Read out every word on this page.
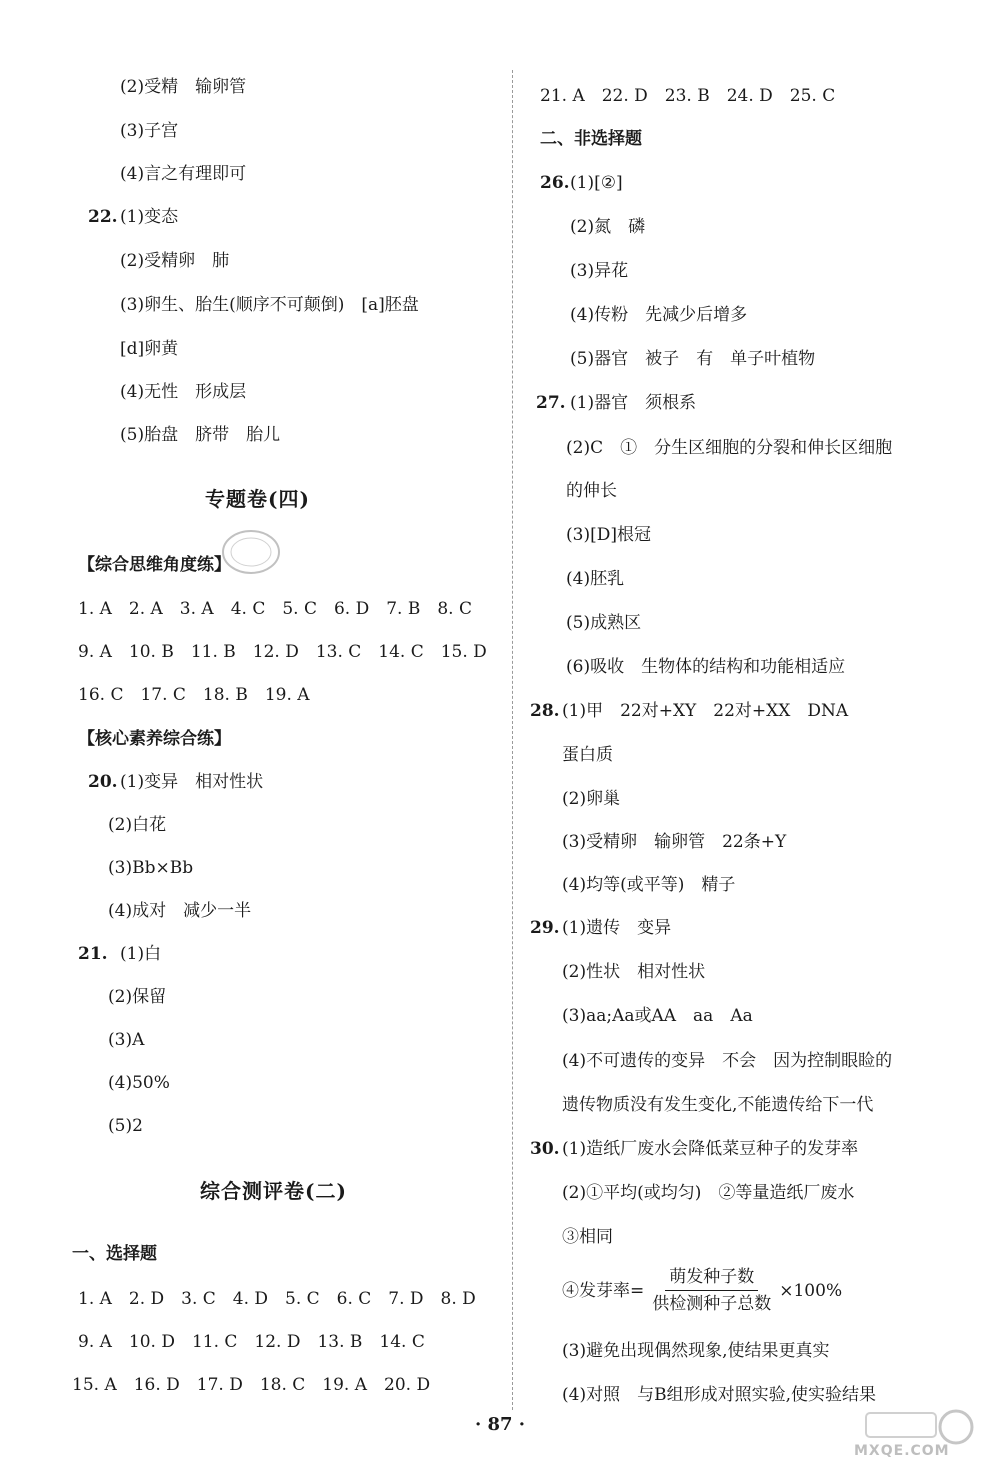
(2)受精　输卵管
(3)子宫
(4)言之有理即可
22. (1)变态
(2)受精卵　肺
(3)卵生、胎生(顺序不可颠倒)　[a]胚盘
[d]卵黄
(4)无性　形成层
(5)胎盘　脐带　胎儿
专题卷(四)
【综合思维角度练】
1. A　2. A　3. A　4. C　5. C　6. D　7. B　8. C
9. A　10. B　11. B　12. D　13. C　14. C　15. D
16. C　17. C　18. B　19. A
【核心素养综合练】
20. (1)变异　相对性状
(2)白花
(3)Bb×Bb
(4)成对　减少一半
21. (1)白
(2)保留
(3)A
(4)50%
(5)2
综合测评卷(二)
一、选择题
1. A　2. D　3. C　4. D　5. C　6. C　7. D　8. D
9. A　10. D　11. C　12. D　13. B　14. C
15. A　16. D　17. D　18. C　19. A　20. D
21. A　22. D　23. B　24. D　25. C
二、非选择题
26. (1)[②]
(2)氮　磷
(3)异花
(4)传粉　先减少后增多
(5)器官　被子　有　单子叶植物
27. (1)器官　须根系
(2)C　①　分生区细胞的分裂和伸长区细胞
的伸长
(3)[D]根冠
(4)胚乳
(5)成熟区
(6)吸收　生物体的结构和功能相适应
28. (1)甲　22对+XY　22对+XX　DNA
蛋白质
(2)卵巢
(3)受精卵　输卵管　22条+Y
(4)均等(或平等)　精子
29. (1)遗传　变异
(2)性状　相对性状
(3)aa;Aa或AA　aa　Aa
(4)不可遗传的变异　不会　因为控制眼睑的
遗传物质没有发生变化,不能遗传给下一代
30. (1)造纸厂废水会降低菜豆种子的发芽率
(2)①平均(或均匀)　②等量造纸厂废水
③相同
④发芽率= $\frac{\text{萌发种子数}}{\text{供检测种子总数}} \times 100\%$
(3)避免出现偶然现象,使结果更真实
(4)对照　与B组形成对照实验,使实验结果
· 87 ·
MXQE.COM
